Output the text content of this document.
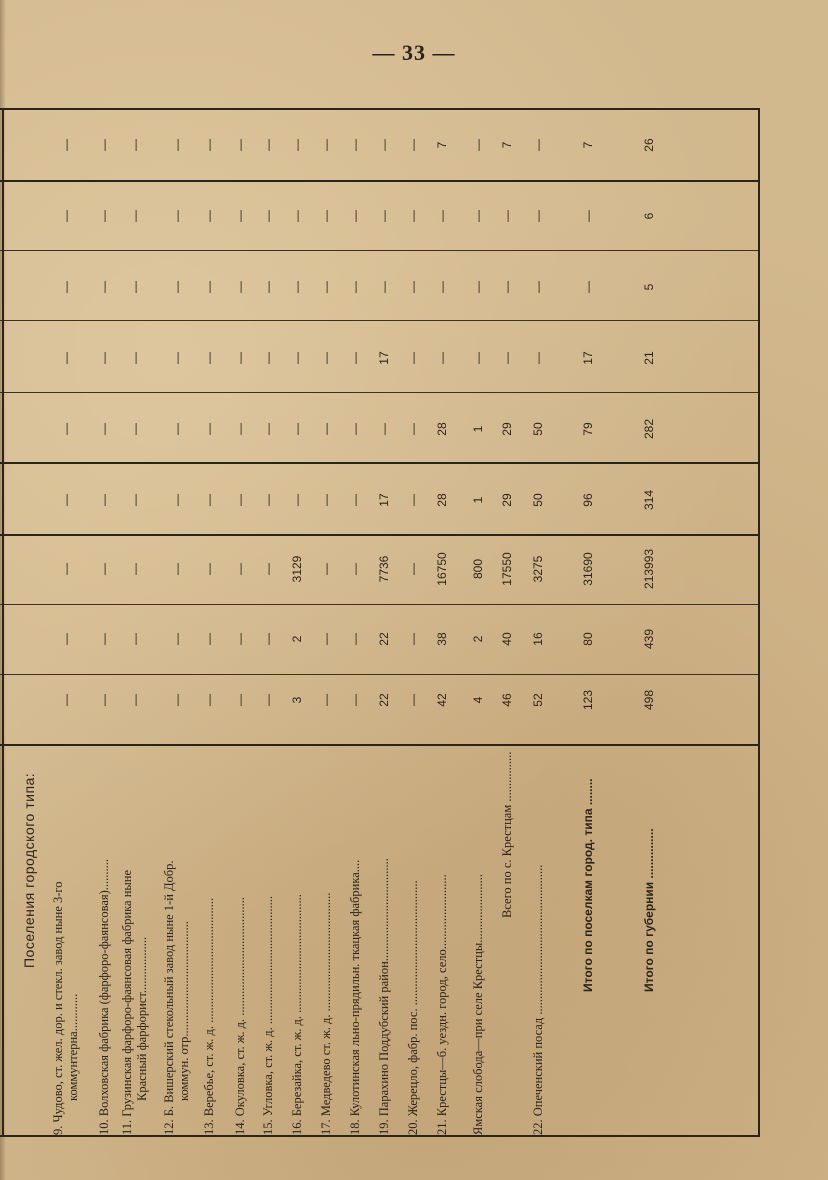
— 33 —
Поселения городского типа:
9. Чудово, ст. жел. дор. и стекл. завод ныне 3-го
коммунтерна............
—
—
—
—
—
—
—
—
—
10. Волховская фабрика (фарфоро-фаянсовая)..........
—
—
—
—
—
—
—
—
—
11. Грузинская фарфоро-фаянсовая фабрика ныне
Красный фарфорист..................
—
—
—
—
—
—
—
—
—
12. Б. Вишерский стекольный завод ныне 1-й Добр.
коммун. отр.....................................
—
—
—
—
—
—
—
—
—
13. Веребье, ст. ж. д. ........................................
—
—
—
—
—
—
—
—
—
14. Окуловка, ст. ж. д. ......................................
—
—
—
—
—
—
—
—
—
15. Угловка, ст. ж. д. .........................................
—
—
—
—
—
—
—
—
—
16. Березайка, ст. ж. д. ......................................
3
2
3129
—
—
—
—
—
—
17. Медведево ст. ж. д. ......................................
—
—
—
—
—
—
—
—
—
18. Кулотинская льно-прядильн. ткацкая фабрика....
—
—
—
—
—
—
—
—
—
19. Парахино Поддубский район.................................
22
22
7736
17
—
17
—
—
—
20. Жерецло, фабр. пос. ........................................
—
—
—
—
—
—
—
—
—
21. Крестцы—б. уездн. город, село........................
42
38
16750
28
28
—
—
—
7
Ямская слобода—при селе Крестцы......................
4
2
800
1
1
—
—
—
—
Всего по с. Крестцам ................
46
40
17550
29
29
—
—
—
7
22. Опеченский посад ................................................
52
16
3275
50
50
—
—
—
—
Итого по поселкам город. типа ........
123
80
31690
96
79
17
—
—
7
Итого по губернии ...............
498
439
213993
314
282
21
5
6
26
